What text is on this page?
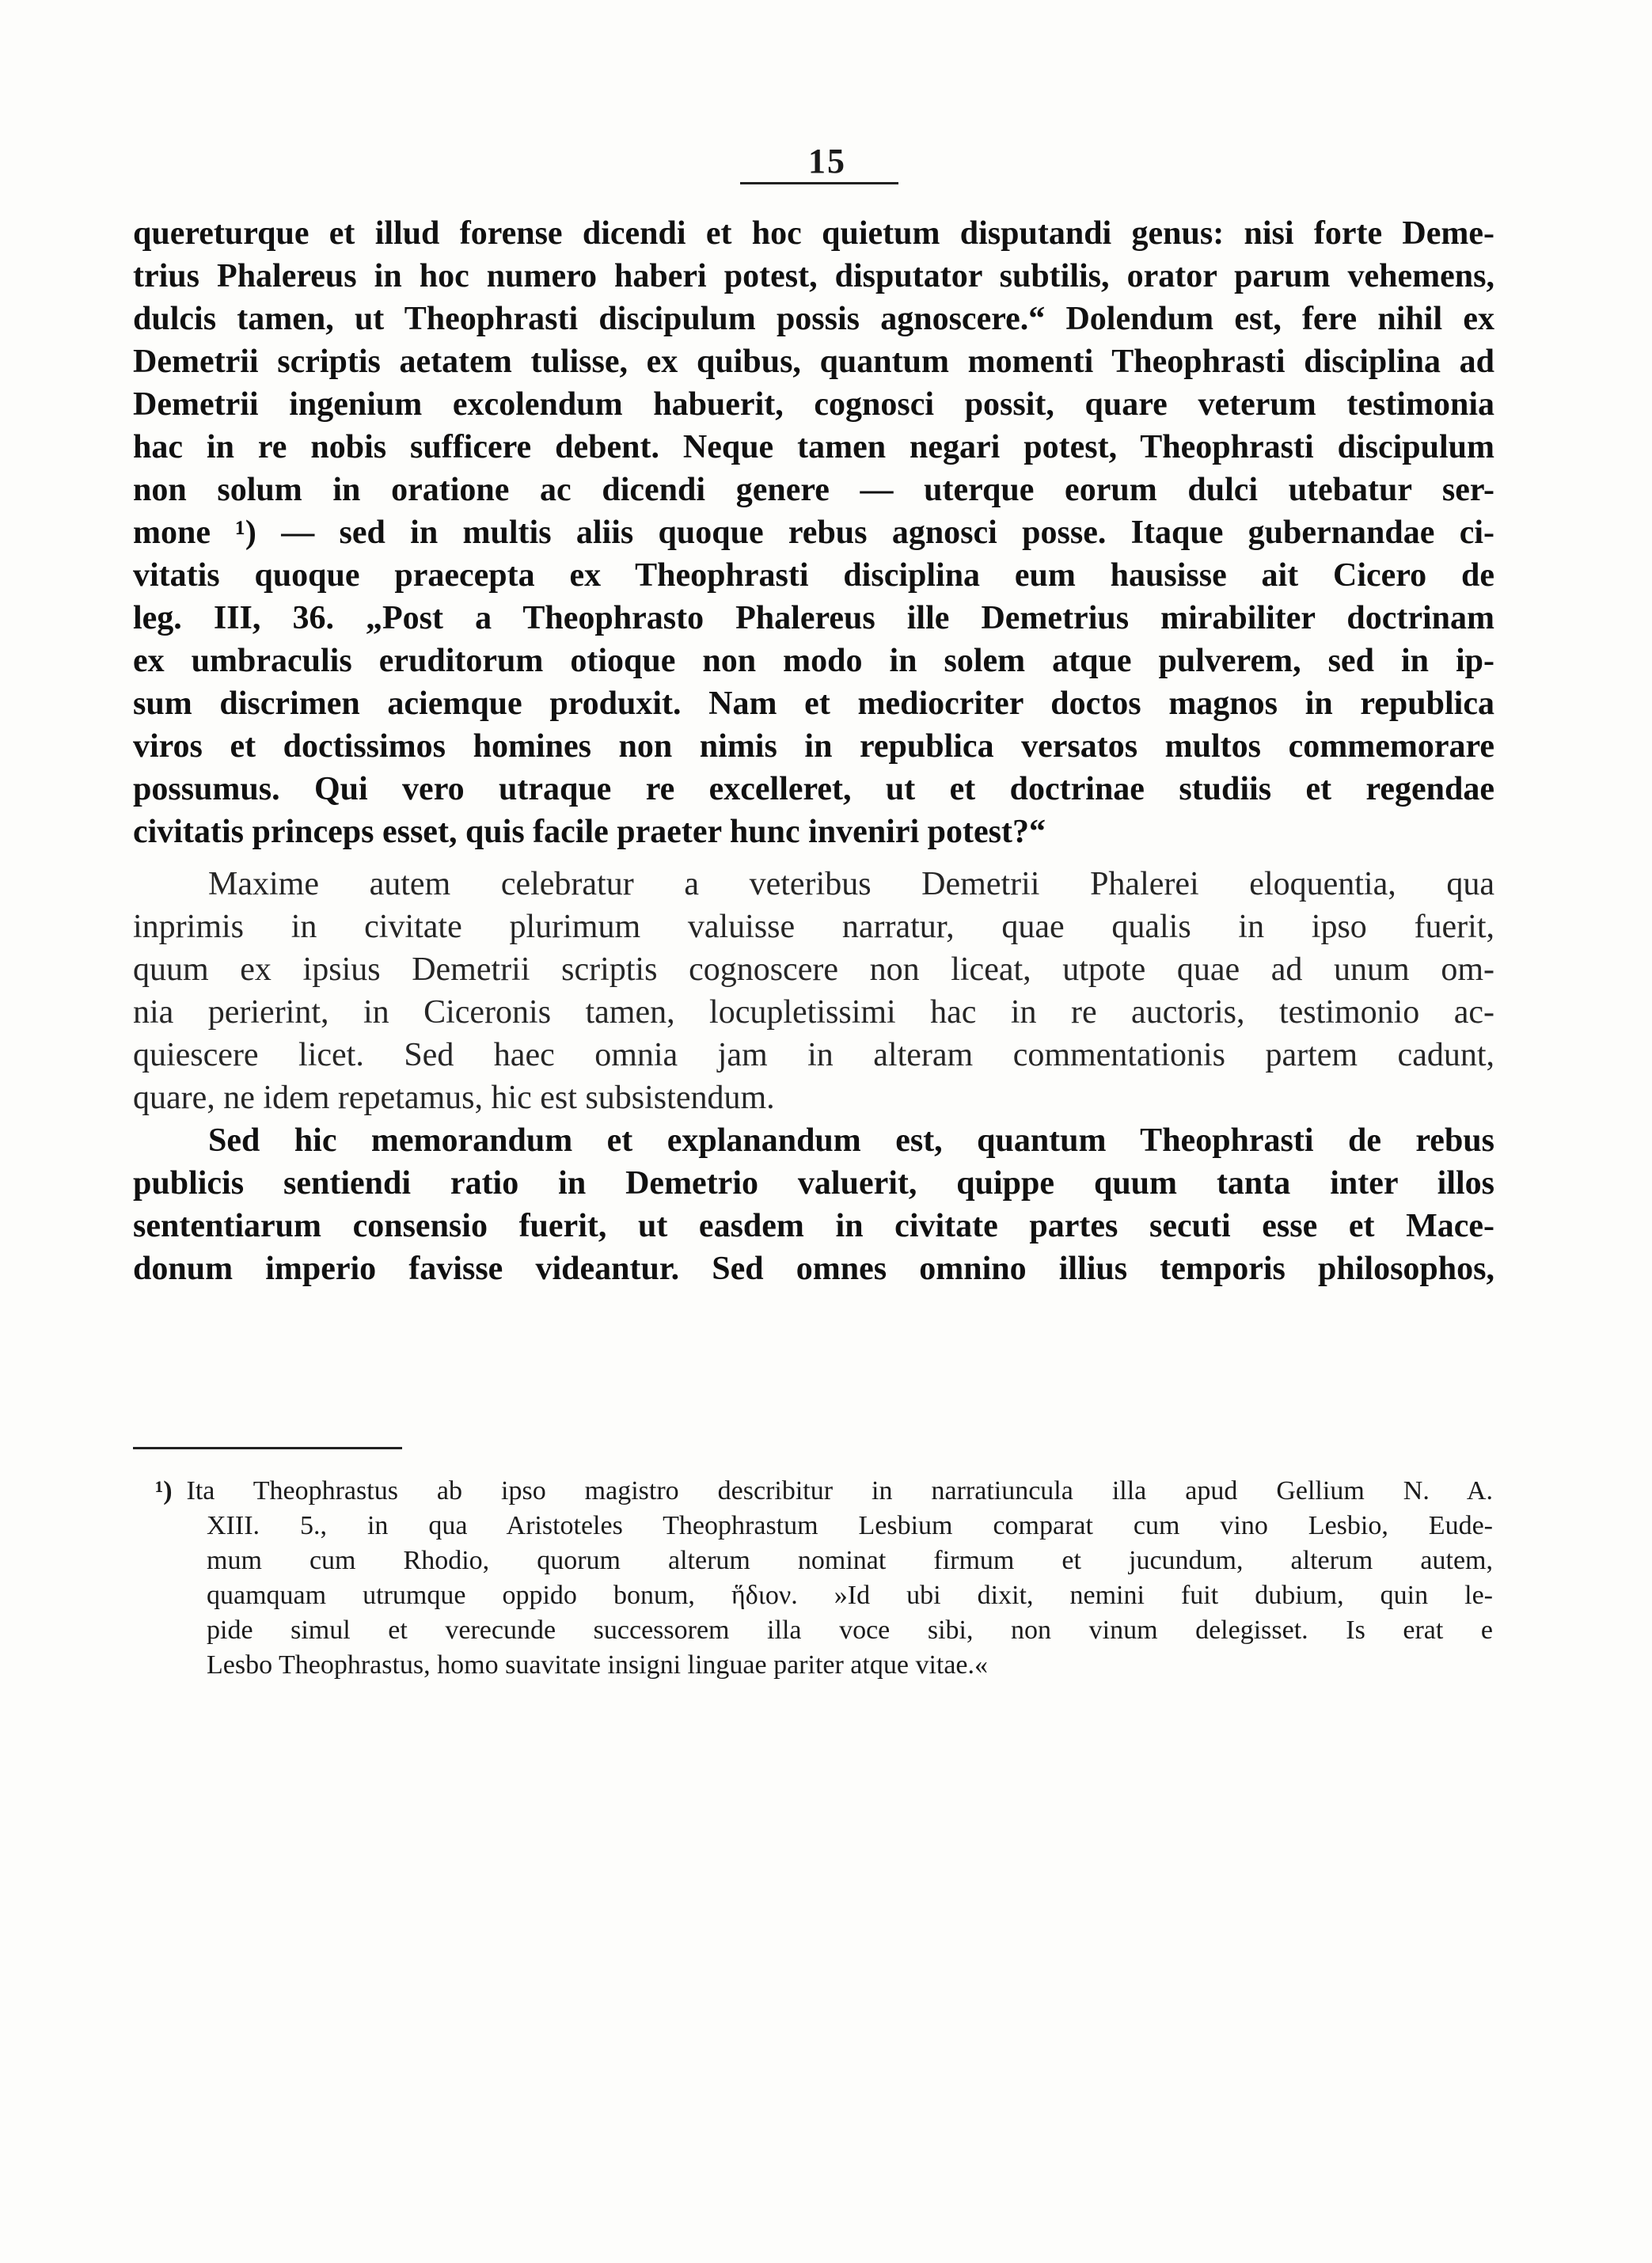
15
quereturque et illud forense dicendi et hoc quietum disputandi genus: nisi forte Deme-
trius Phalereus in hoc numero haberi potest, disputator subtilis, orator parum vehemens,
dulcis tamen, ut Theophrasti discipulum possis agnoscere.“ Dolendum est, fere nihil ex
Demetrii scriptis aetatem tulisse, ex quibus, quantum momenti Theophrasti disciplina ad
Demetrii ingenium excolendum habuerit, cognosci possit, quare veterum testimonia
hac in re nobis sufficere debent. Neque tamen negari potest, Theophrasti discipulum
non solum in oratione ac dicendi genere — uterque eorum dulci utebatur ser-
mone ¹) — sed in multis aliis quoque rebus agnosci posse. Itaque gubernandae ci-
vitatis quoque praecepta ex Theophrasti disciplina eum hausisse ait Cicero de
leg. III, 36. „Post a Theophrasto Phalereus ille Demetrius mirabiliter doctrinam
ex umbraculis eruditorum otioque non modo in solem atque pulverem, sed in ip-
sum discrimen aciemque produxit. Nam et mediocriter doctos magnos in republica
viros et doctissimos homines non nimis in republica versatos multos commemorare
possumus. Qui vero utraque re excelleret, ut et doctrinae studiis et regendae
civitatis princeps esset, quis facile praeter hunc inveniri potest?“
Maxime autem celebratur a veteribus Demetrii Phalerei eloquentia, qua
inprimis in civitate plurimum valuisse narratur, quae qualis in ipso fuerit,
quum ex ipsius Demetrii scriptis cognoscere non liceat, utpote quae ad unum om-
nia perierint, in Ciceronis tamen, locupletissimi hac in re auctoris, testimonio ac-
quiescere licet. Sed haec omnia jam in alteram commentationis partem cadunt,
quare, ne idem repetamus, hic est subsistendum.
Sed hic memorandum et explanandum est, quantum Theophrasti de rebus
publicis sentiendi ratio in Demetrio valuerit, quippe quum tanta inter illos
sententiarum consensio fuerit, ut easdem in civitate partes secuti esse et Mace-
donum imperio favisse videantur. Sed omnes omnino illius temporis philosophos,
¹) Ita Theophrastus ab ipso magistro describitur in narratiuncula illa apud Gellium N. A.
XIII. 5., in qua Aristoteles Theophrastum Lesbium comparat cum vino Lesbio, Eude-
mum cum Rhodio, quorum alterum nominat firmum et jucundum, alterum autem,
quamquam utrumque oppido bonum, ἥδιον. »Id ubi dixit, nemini fuit dubium, quin le-
pide simul et verecunde successorem illa voce sibi, non vinum delegisset. Is erat e
Lesbo Theophrastus, homo suavitate insigni linguae pariter atque vitae.«
